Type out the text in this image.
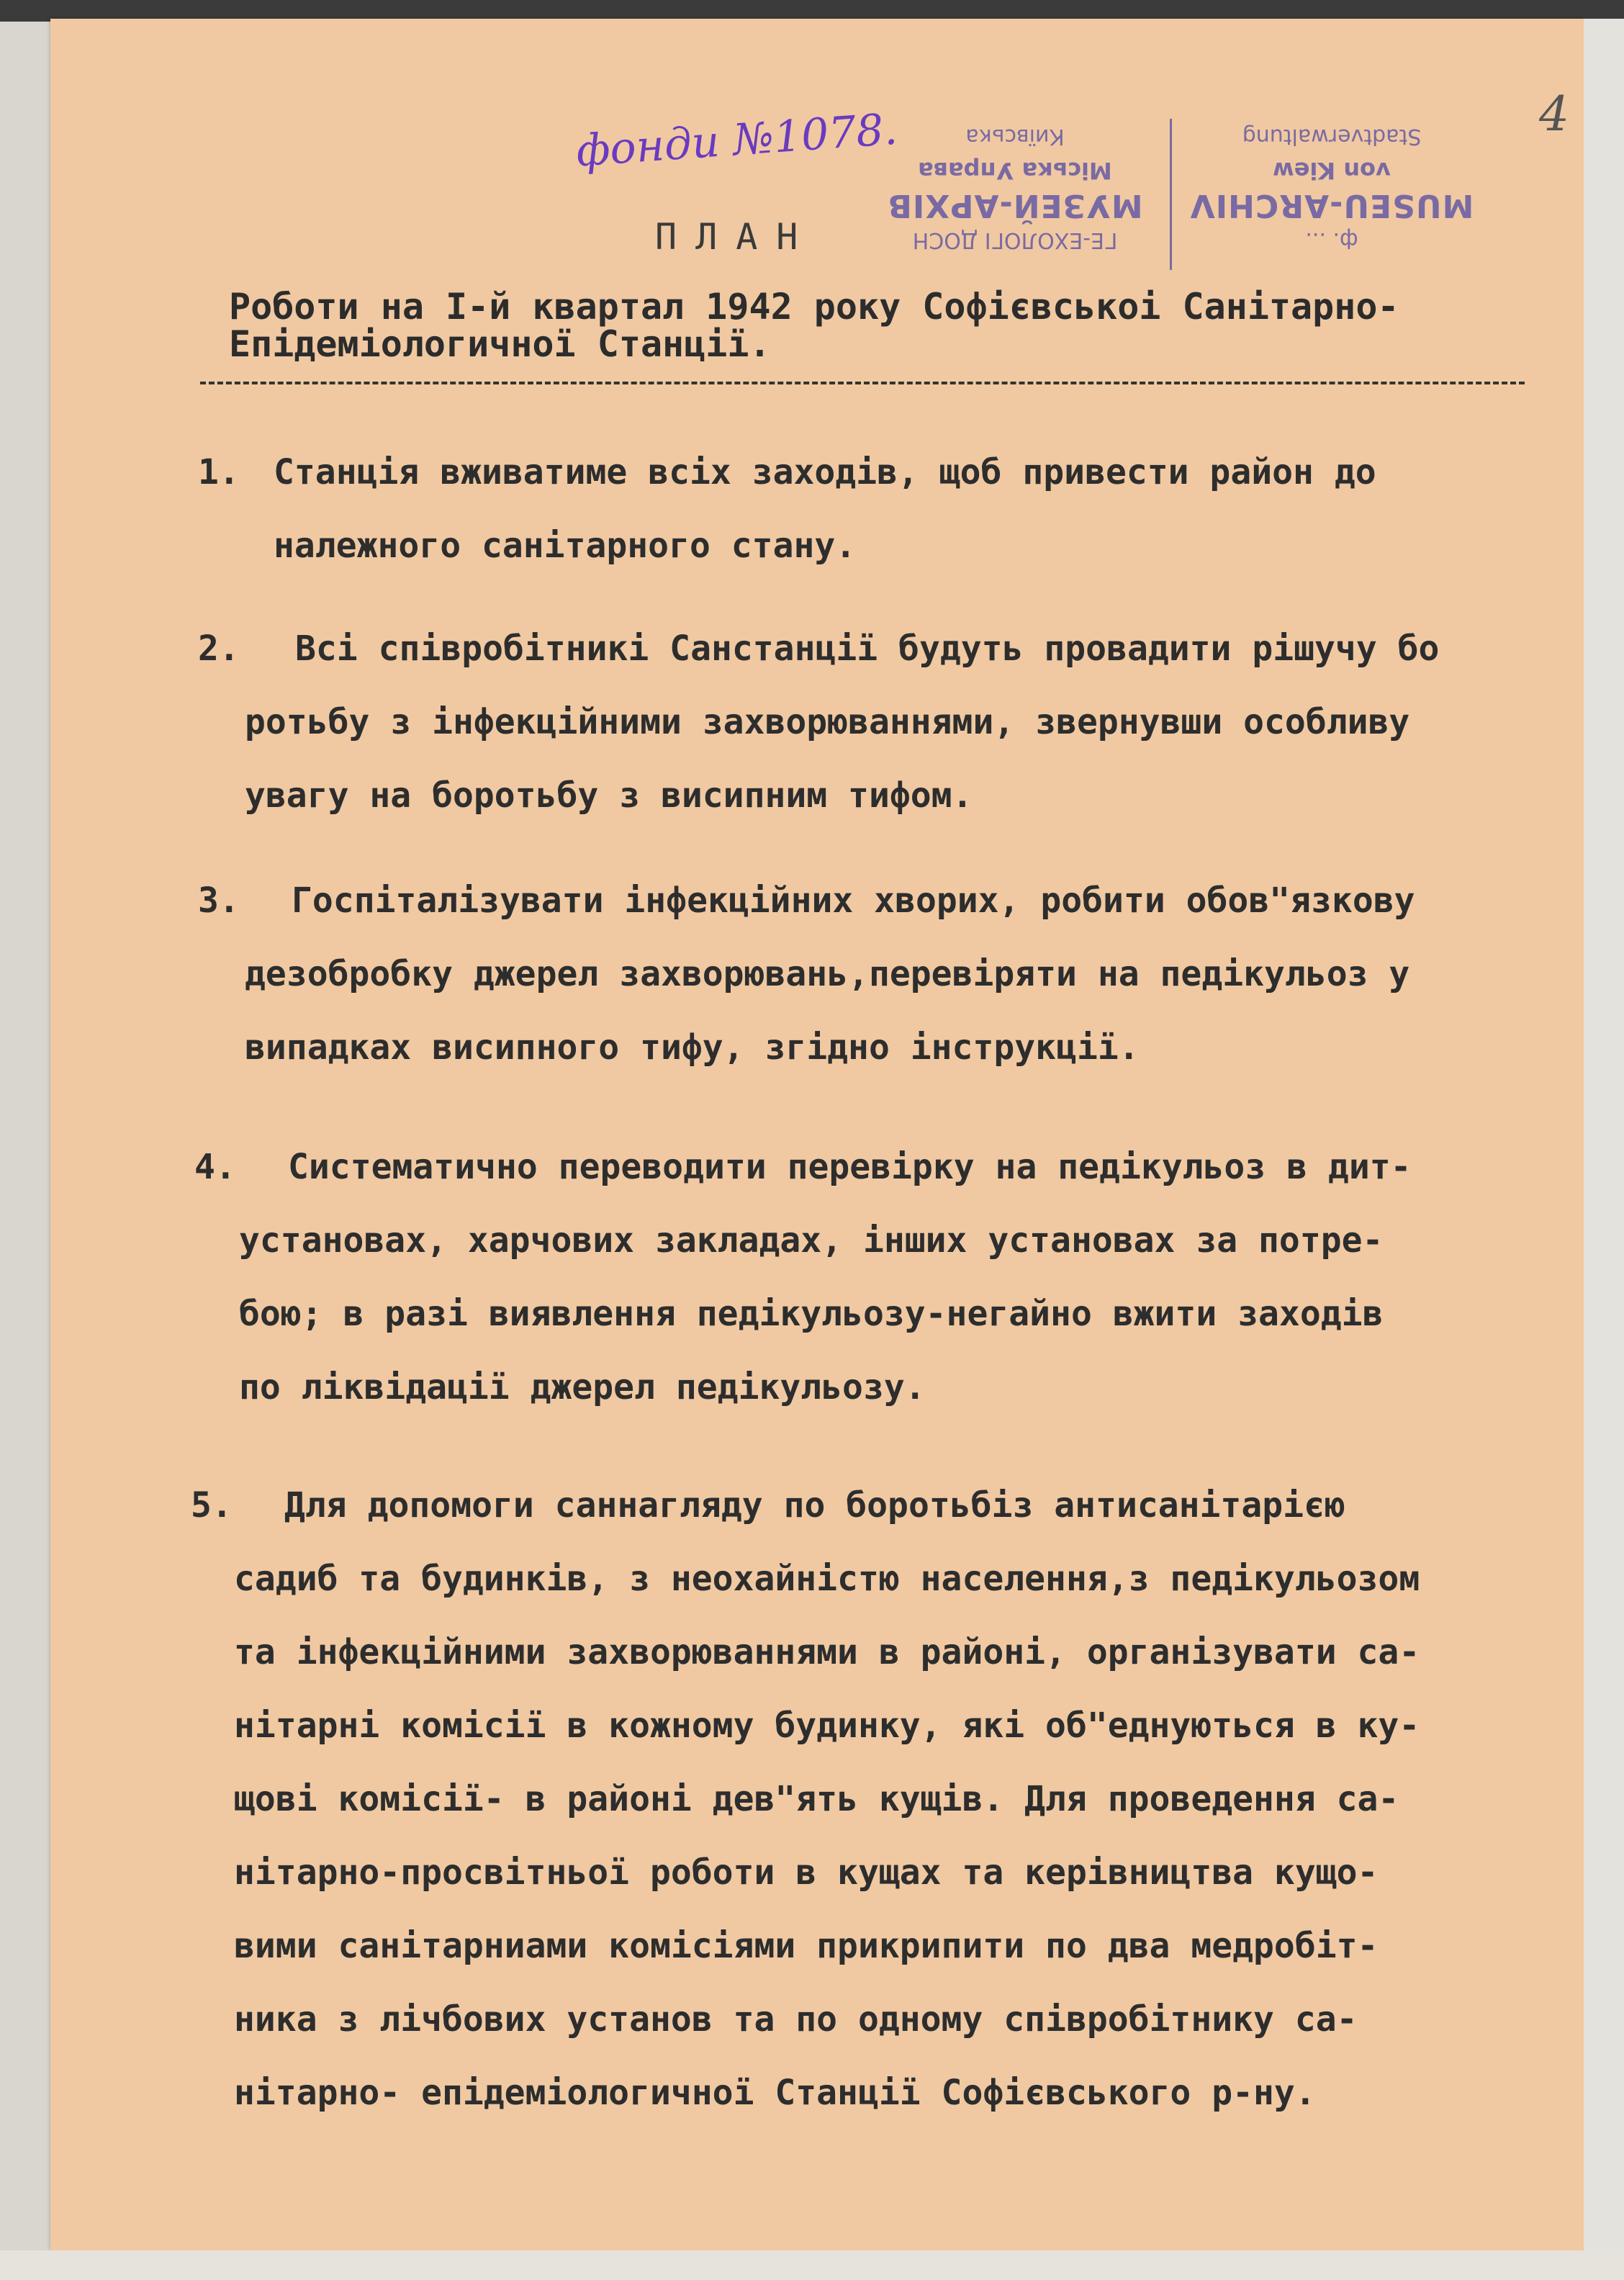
4
фонди №1078.
ГЕ-ЕХОЛОГІ ДОСН
МУЗЕЙ-АРХІВ
Міська Управа
Київська
ф. ...
MUSEU-ARCHIV
von Kiew
Stadtverwaltung
ПЛАН
Роботи на І-й квартал 1942 року Софієвськоі Санітарно-
Епідеміологичної Станції.
1. Станція вживатиме всіх заходів, щоб привести район до
належного санітарного стану.
2.	Всі співробітникі Санстанції будуть провадити рішучу бо
ротьбу з інфекційними захворюваннями, звернувши особливу
увагу на боротьбу з висипним тифом.
3.	Госпіталізувати інфекційних хворих, робити обов"язкову
дезобробку джерел захворювань,перевіряти на педікульоз у
випадках висипного тифу, згідно інструкції.
4.	Систематично переводити перевірку на педікульоз в дит-
установах, харчових закладах, інших установах за потре-
бою; в разі виявлення педікульозу-негайно вжити заходів
по ліквідації джерел педікульозу.
5.	Для допомоги саннагляду по боротьбіз антисанітарією
садиб та будинків, з неохайністю населення,з педікульозом
та інфекційними захворюваннями в районі, організувати са-
нітарні комісії в кожному будинку, які об"еднуються в ку-
щові комісії- в районі дев"ять кущів. Для проведення са-
нітарно-просвітньої роботи в кущах та керівництва кущо-
вими санітарниами комісіями прикрипити по два медробіт-
ника з лічбових установ та по одному співробітнику са-
нітарно- епідеміологичної Станції Софієвського р-ну.
